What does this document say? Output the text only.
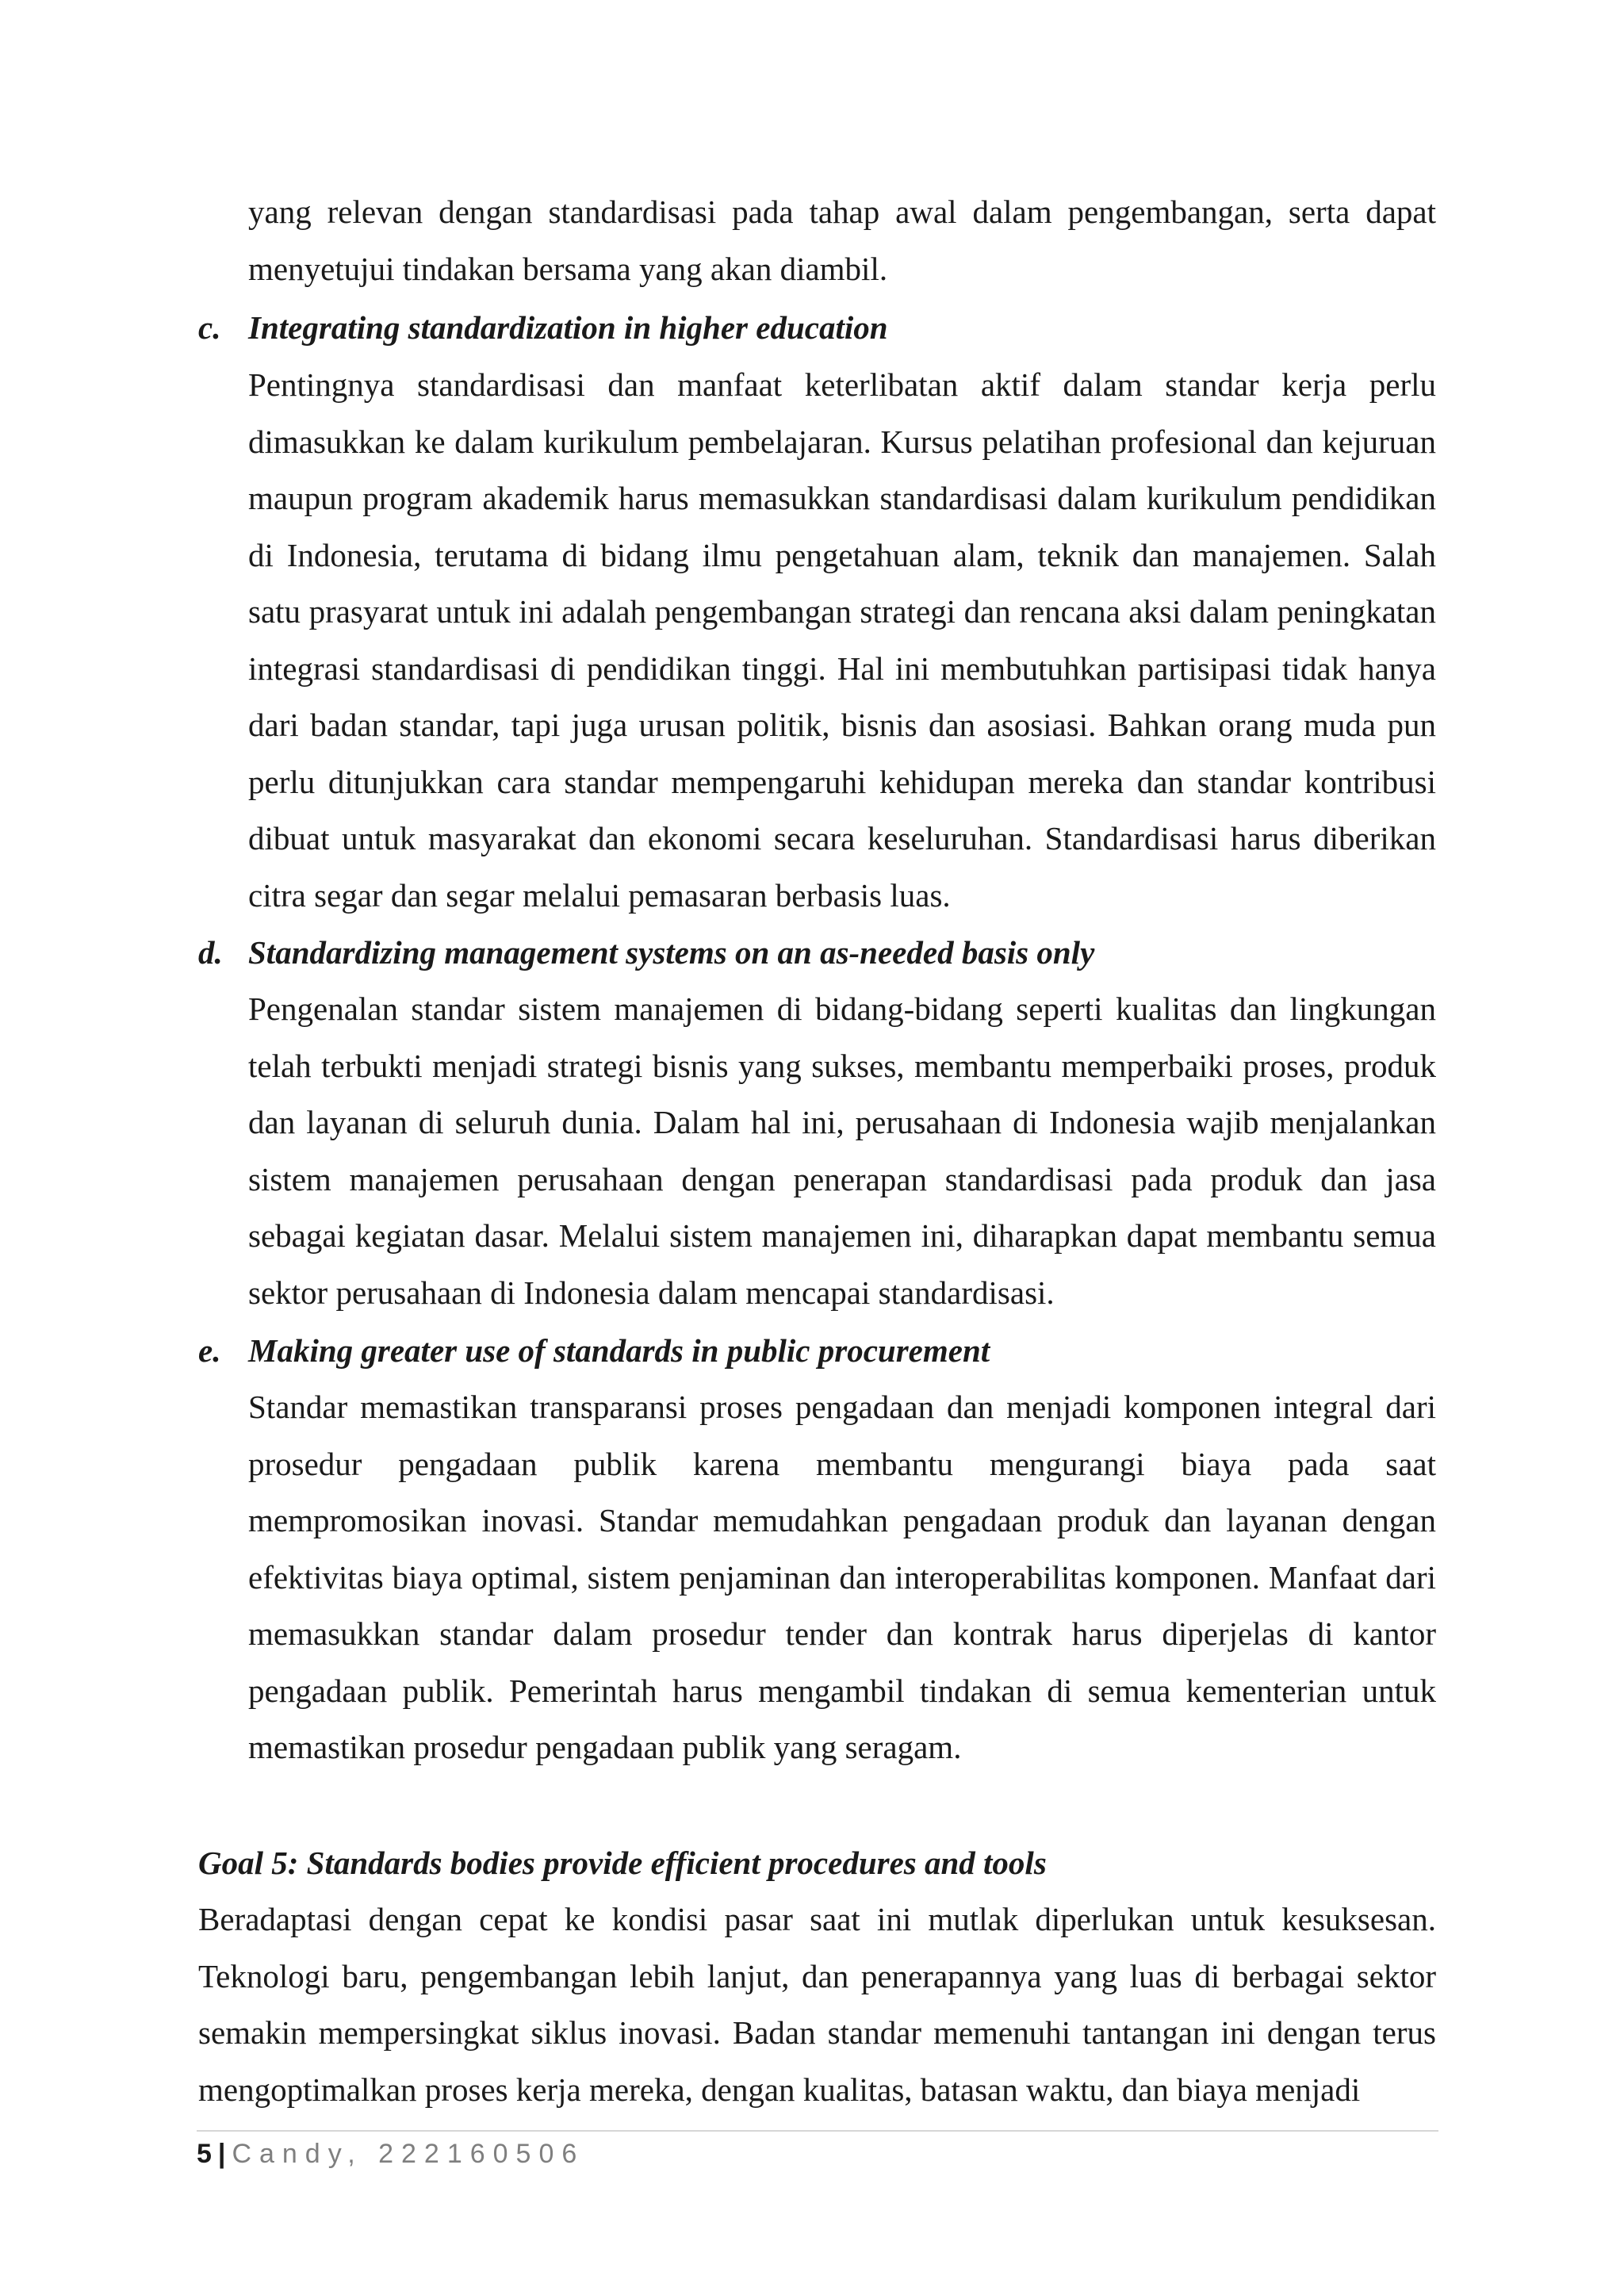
yang relevan dengan standardisasi pada tahap awal dalam pengembangan, serta dapat menyetujui tindakan bersama yang akan diambil.

c. Integrating standardization in higher education

Pentingnya standardisasi dan manfaat keterlibatan aktif dalam standar kerja perlu dimasukkan ke dalam kurikulum pembelajaran. Kursus pelatihan profesional dan kejuruan maupun program akademik harus memasukkan standardisasi dalam kurikulum pendidikan di Indonesia, terutama di bidang ilmu pengetahuan alam, teknik dan manajemen. Salah satu prasyarat untuk ini adalah pengembangan strategi dan rencana aksi dalam peningkatan integrasi standardisasi di pendidikan tinggi. Hal ini membutuhkan partisipasi tidak hanya dari badan standar, tapi juga urusan politik, bisnis dan asosiasi. Bahkan orang muda pun perlu ditunjukkan cara standar mempengaruhi kehidupan mereka dan standar kontribusi dibuat untuk masyarakat dan ekonomi secara keseluruhan. Standardisasi harus diberikan citra segar dan segar melalui pemasaran berbasis luas.

d. Standardizing management systems on an as-needed basis only

Pengenalan standar sistem manajemen di bidang-bidang seperti kualitas dan lingkungan telah terbukti menjadi strategi bisnis yang sukses, membantu memperbaiki proses, produk dan layanan di seluruh dunia. Dalam hal ini, perusahaan di Indonesia wajib menjalankan sistem manajemen perusahaan dengan penerapan standardisasi pada produk dan jasa sebagai kegiatan dasar. Melalui sistem manajemen ini, diharapkan dapat membantu semua sektor perusahaan di Indonesia dalam mencapai standardisasi.

e. Making greater use of standards in public procurement

Standar memastikan transparansi proses pengadaan dan menjadi komponen integral dari prosedur pengadaan publik karena membantu mengurangi biaya pada saat mempromosikan inovasi. Standar memudahkan pengadaan produk dan layanan dengan efektivitas biaya optimal, sistem penjaminan dan interoperabilitas komponen. Manfaat dari memasukkan standar dalam prosedur tender dan kontrak harus diperjelas di kantor pengadaan publik. Pemerintah harus mengambil tindakan di semua kementerian untuk memastikan prosedur pengadaan publik yang seragam.

Goal 5: Standards bodies provide efficient procedures and tools

Beradaptasi dengan cepat ke kondisi pasar saat ini mutlak diperlukan untuk kesuksesan. Teknologi baru, pengembangan lebih lanjut, dan penerapannya yang luas di berbagai sektor semakin mempersingkat siklus inovasi. Badan standar memenuhi tantangan ini dengan terus mengoptimalkan proses kerja mereka, dengan kualitas, batasan waktu, dan biaya menjadi

5 | Candy, 222160506
